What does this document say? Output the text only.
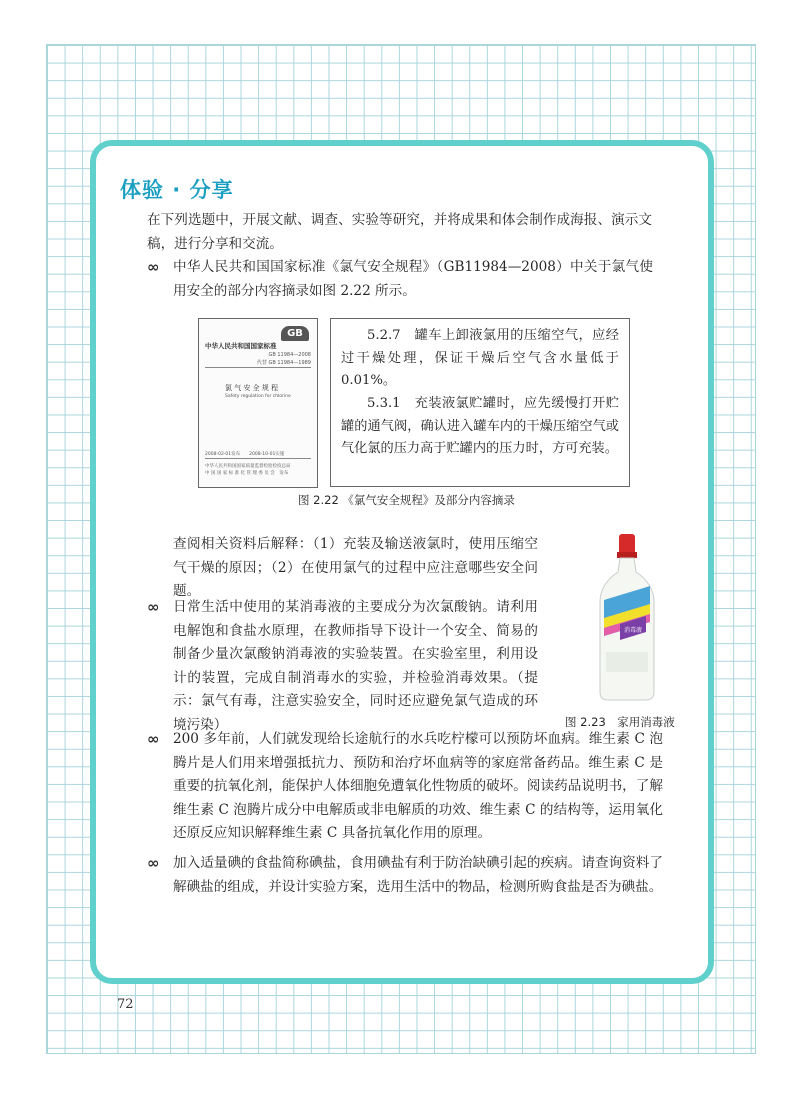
体验 · 分享
在下列选题中，开展文献、调查、实验等研究，并将成果和体会制作成海报、演示文稿，进行分享和交流。
∞ 中华人民共和国国家标准《氯气安全规程》（GB11984—2008）中关于氯气使用安全的部分内容摘录如图 2.22 所示。
GB
中华人民共和国国家标准
GB 11984—2008
代替 GB 11984—1989
氯 气 安 全 规 程
Safety regulation for chlorine
2008-02-01发布　　2008-10-01实施
中华人民共和国国家质量监督检验检疫总局
中 国 国 家 标 准 化 管 理 委 员 会　发布

5.2.7　罐车上卸液氯用的压缩空气，应经过干燥处理，保证干燥后空气含水量低于 0.01%。

5.3.1　充装液氯贮罐时，应先缓慢打开贮罐的通气阀，确认进入罐车内的干燥压缩空气或气化氯的压力高于贮罐内的压力时，方可充装。

图 2.22 《氯气安全规程》及部分内容摘录
查阅相关资料后解释：（1）充装及输送液氯时，使用压缩空气干燥的原因；（2）在使用氯气的过程中应注意哪些安全问题。
消毒液
图 2.23　家用消毒液
∞ 日常生活中使用的某消毒液的主要成分为次氯酸钠。请利用电解饱和食盐水原理，在教师指导下设计一个安全、简易的制备少量次氯酸钠消毒液的实验装置。在实验室里，利用设计的装置，完成自制消毒水的实验，并检验消毒效果。（提示：氯气有毒，注意实验安全，同时还应避免氯气造成的环境污染）
∞ 200 多年前，人们就发现给长途航行的水兵吃柠檬可以预防坏血病。维生素 C 泡腾片是人们用来增强抵抗力、预防和治疗坏血病等的家庭常备药品。维生素 C 是重要的抗氧化剂，能保护人体细胞免遭氧化性物质的破坏。阅读药品说明书，了解维生素 C 泡腾片成分中电解质或非电解质的功效、维生素 C 的结构等，运用氧化还原反应知识解释维生素 C 具备抗氧化作用的原理。
∞ 加入适量碘的食盐简称碘盐，食用碘盐有利于防治缺碘引起的疾病。请查询资料了解碘盐的组成，并设计实验方案，选用生活中的物品，检测所购食盐是否为碘盐。
72
